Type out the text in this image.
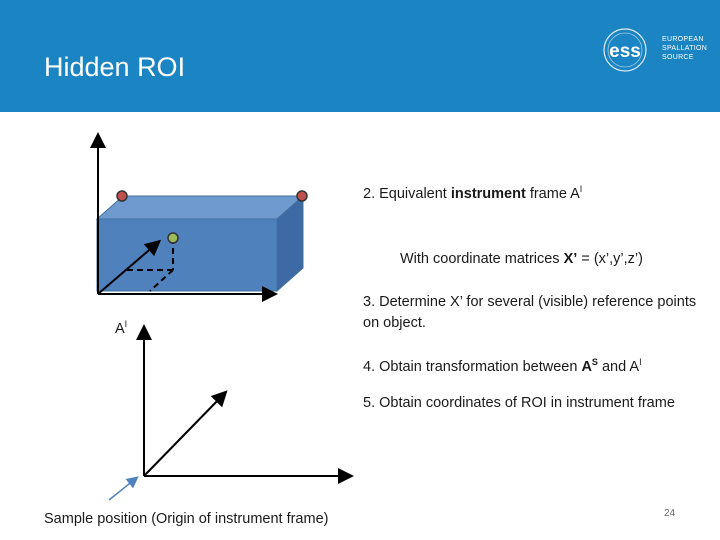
Hidden ROI
ess
EUROPEAN
SPALLATION
SOURCE
$A^I$
2. Equivalent instrument frame $A^I$
With coordinate matrices X’ = (x’,y’,z’)
3. Determine X’ for several (visible) reference points on object.
4. Obtain transformation between $A^S$ and $A^I$
5. Obtain coordinates of ROI in instrument frame
Sample position (Origin of instrument frame)	24
